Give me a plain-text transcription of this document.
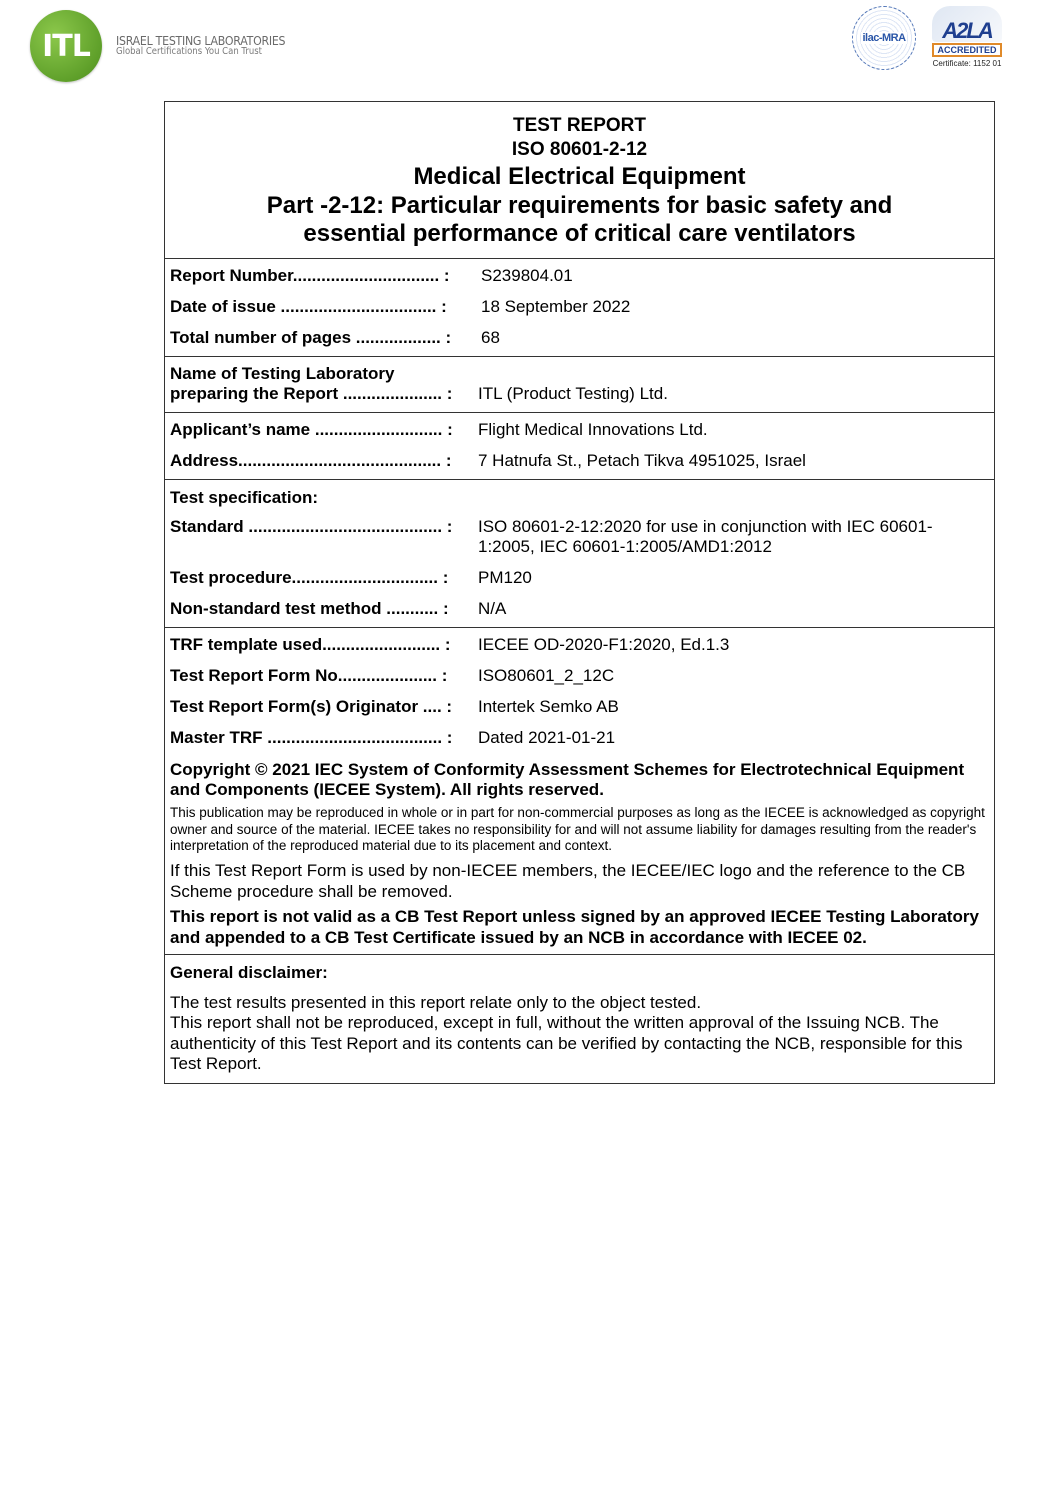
ITL	ISRAEL TESTING LABORATORIES
Global Certifications You Can Trust
ilac-MRA A2LA
ACCREDITED
Certificate: 1152 01
TEST REPORT
ISO 80601-2-12
Medical Electrical Equipment
Part -2-12: Particular requirements for basic safety and
essential performance of critical care ventilators
Report Number............................... :	S239804.01
Date of issue ................................. :	18 September 2022
Total number of pages .................. :	68
Name of Testing Laboratory
preparing the Report ..................... :	ITL (Product Testing) Ltd.
Applicant’s name ........................... :	Flight Medical Innovations Ltd.
Address........................................... :	7 Hatnufa St., Petach Tikva 4951025, Israel
Test specification:
Standard ......................................... :	ISO 80601-2-12:2020 for use in conjunction with IEC 60601-1:2005, IEC 60601-1:2005/AMD1:2012
Test procedure............................... :	PM120
Non-standard test method ........... :	N/A
TRF template used......................... :	IECEE OD-2020-F1:2020, Ed.1.3
Test Report Form No..................... :	ISO80601_2_12C
Test Report Form(s) Originator .... :	Intertek Semko AB
Master TRF ..................................... :	Dated 2021-01-21
Copyright © 2021 IEC System of Conformity Assessment Schemes for Electrotechnical Equipment and Components (IECEE System). All rights reserved.
This publication may be reproduced in whole or in part for non-commercial purposes as long as the IECEE is acknowledged as copyright owner and source of the material. IECEE takes no responsibility for and will not assume liability for damages resulting from the reader's interpretation of the reproduced material due to its placement and context.
If this Test Report Form is used by non-IECEE members, the IECEE/IEC logo and the reference to the CB Scheme procedure shall be removed.
This report is not valid as a CB Test Report unless signed by an approved IECEE Testing Laboratory and appended to a CB Test Certificate issued by an NCB in accordance with IECEE 02.
General disclaimer:
The test results presented in this report relate only to the object tested.
This report shall not be reproduced, except in full, without the written approval of the Issuing NCB. The authenticity of this Test Report and its contents can be verified by contacting the NCB, responsible for this Test Report.
